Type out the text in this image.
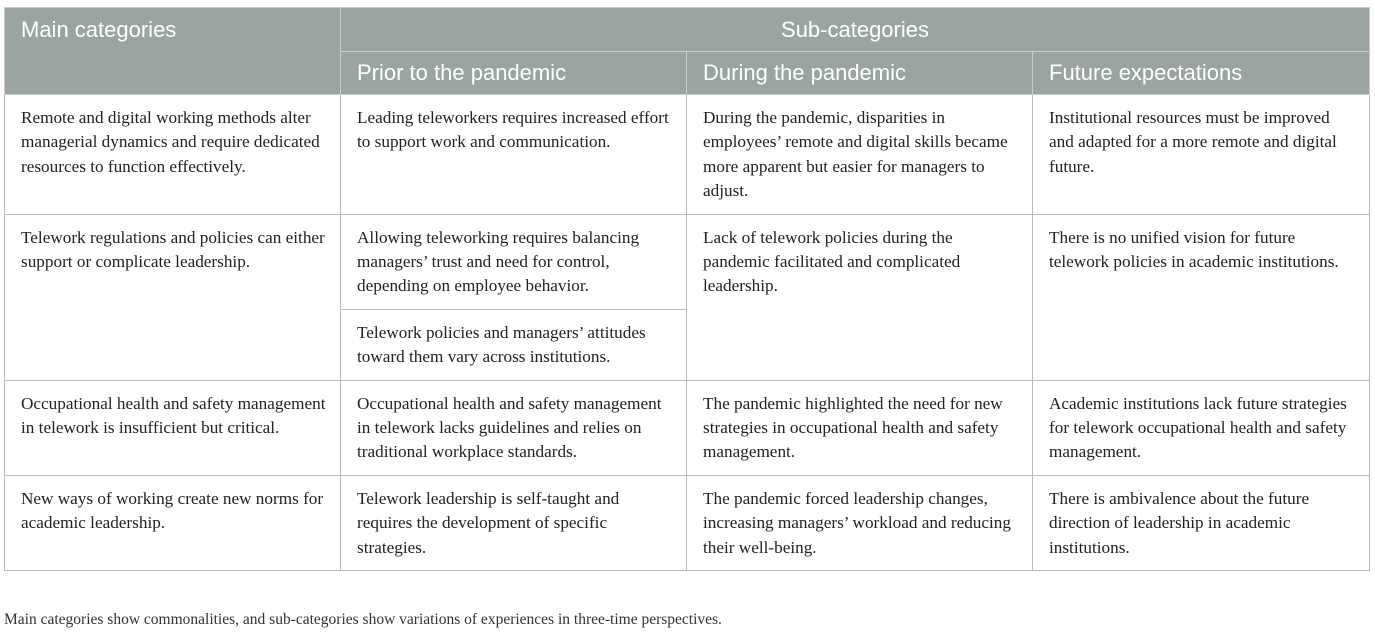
Main categories	Sub-categories		
	Prior to the pandemic	During the pandemic	Future expectations
Remote and digital working methods alter managerial dynamics and require dedicated resources to function effectively.	Leading teleworkers requires increased effort to support work and communication.	During the pandemic, disparities in employees’ remote and digital skills became more apparent but easier for managers to adjust.	Institutional resources must be improved and adapted for a more remote and digital future.
Telework regulations and policies can either support or complicate leadership.	Allowing teleworking requires balancing managers’ trust and need for control, depending on employee behavior.	Lack of telework policies during the pandemic facilitated and complicated leadership.	There is no unified vision for future telework policies in academic institutions.
	Telework policies and managers’ attitudes toward them vary across institutions.		
Occupational health and safety management in telework is insufficient but critical.	Occupational health and safety management in telework lacks guidelines and relies on traditional workplace standards.	The pandemic highlighted the need for new strategies in occupational health and safety management.	Academic institutions lack future strategies for telework occupational health and safety management.
New ways of working create new norms for academic leadership.	Telework leadership is self-taught and requires the development of specific strategies.	The pandemic forced leadership changes, increasing managers’ workload and reducing their well-being.	There is ambivalence about the future direction of leadership in academic institutions.
Main categories show commonalities, and sub-categories show variations of experiences in three-time perspectives.
